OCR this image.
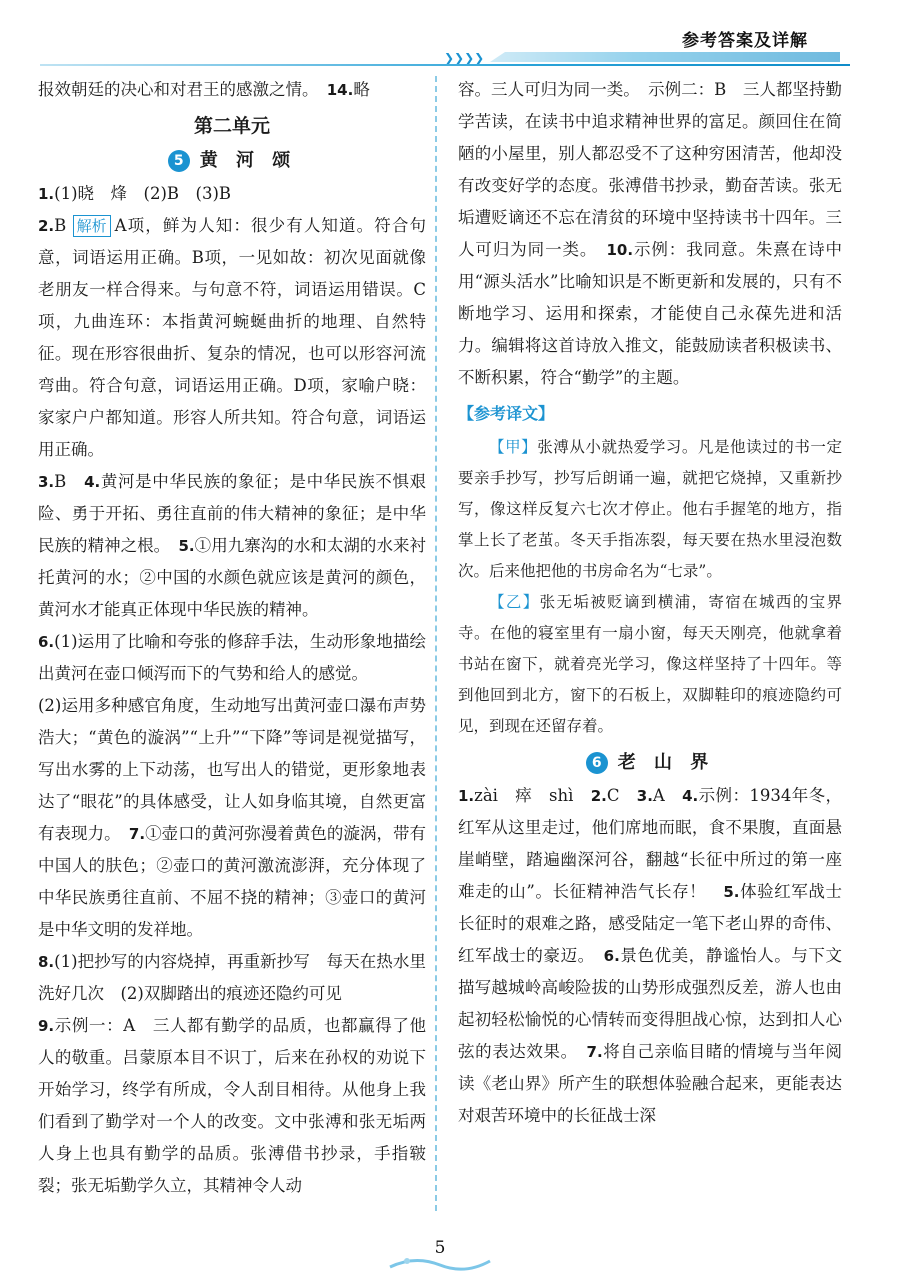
❯❯❯❯
参考答案及详解
报效朝廷的决心和对君王的感激之情。　 14.略
第二单元
5 黄 河 颂
1.(1)晓　烽　(2)B　(3)B
2.B 解析 A项，鲜为人知：很少有人知道。符合句意，词语运用正确。B项，一见如故：初次见面就像老朋友一样合得来。与句意不符，词语运用错误。C项，九曲连环：本指黄河蜿蜒曲折的地理、自然特征。现在形容很曲折、复杂的情况，也可以形容河流弯曲。符合句意，词语运用正确。D项，家喻户晓：家家户户都知道。形容人所共知。符合句意，词语运用正确。
3.B　 4.黄河是中华民族的象征；是中华民族不惧艰险、勇于开拓、勇往直前的伟大精神的象征；是中华民族的精神之根。　 5.①用九寨沟的水和太湖的水来衬托黄河的水；②中国的水颜色就应该是黄河的颜色，黄河水才能真正体现中华民族的精神。
6.(1)运用了比喻和夸张的修辞手法，生动形象地描绘出黄河在壶口倾泻而下的气势和给人的感觉。
(2)运用多种感官角度，生动地写出黄河壶口瀑布声势浩大；“黄色的漩涡”“上升”“下降”等词是视觉描写，写出水雾的上下动荡，也写出人的错觉，更形象地表达了“眼花”的具体感受，让人如身临其境，自然更富有表现力。　 7.①壶口的黄河弥漫着黄色的漩涡，带有中国人的肤色；②壶口的黄河激流澎湃，充分体现了中华民族勇往直前、不屈不挠的精神；③壶口的黄河是中华文明的发祥地。
8.(1)把抄写的内容烧掉，再重新抄写　每天在热水里洗好几次　(2)双脚踏出的痕迹还隐约可见
9.示例一：A　三人都有勤学的品质，也都赢得了他人的敬重。吕蒙原本目不识丁，后来在孙权的劝说下开始学习，终学有所成，令人刮目相待。从他身上我们看到了勤学对一个人的改变。文中张溥和张无垢两人身上也具有勤学的品质。张溥借书抄录，手指皲裂；张无垢勤学久立，其精神令人动
容。三人可归为同一类。　示例二：B　三人都坚持勤学苦读，在读书中追求精神世界的富足。颜回住在简陋的小屋里，别人都忍受不了这种穷困清苦，他却没有改变好学的态度。张溥借书抄录，勤奋苦读。张无垢遭贬谪还不忘在清贫的环境中坚持读书十四年。三人可归为同一类。　 10.示例：我同意。朱熹在诗中用“源头活水”比喻知识是不断更新和发展的，只有不断地学习、运用和探索，才能使自己永葆先进和活力。编辑将这首诗放入推文，能鼓励读者积极读书、不断积累，符合“勤学”的主题。
【参考译文】
【甲】张溥从小就热爱学习。凡是他读过的书一定要亲手抄写，抄写后朗诵一遍，就把它烧掉，又重新抄写，像这样反复六七次才停止。他右手握笔的地方，指掌上长了老茧。冬天手指冻裂，每天要在热水里浸泡数次。后来他把他的书房命名为“七录”。
【乙】张无垢被贬谪到横浦，寄宿在城西的宝界寺。在他的寝室里有一扇小窗，每天天刚亮，他就拿着书站在窗下，就着亮光学习，像这样坚持了十四年。等到他回到北方，窗下的石板上，双脚鞋印的痕迹隐约可见，到现在还留存着。
6 老 山 界
1.zài　瘁　shì　 2.C　 3.A　 4.示例：1934年冬，红军从这里走过，他们席地而眠，食不果腹，直面悬崖峭壁，踏遍幽深河谷，翻越“长征中所过的第一座难走的山”。长征精神浩气长存！　 5.体验红军战士长征时的艰难之路，感受陆定一笔下老山界的奇伟、红军战士的豪迈。　 6.景色优美，静谧怡人。与下文描写越城岭高峻险拔的山势形成强烈反差，游人也由起初轻松愉悦的心情转而变得胆战心惊，达到扣人心弦的表达效果。　 7.将自己亲临目睹的情境与当年阅读《老山界》所产生的联想体验融合起来，更能表达对艰苦环境中的长征战士深
5
